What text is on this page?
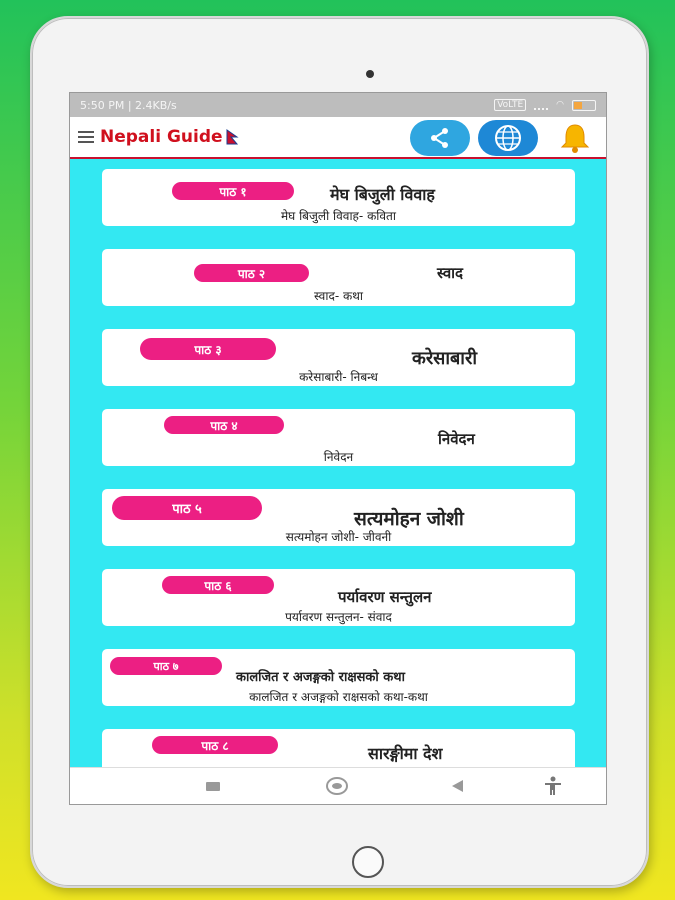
5:50 PM | 2.4KB/s	VoLTE	◠
Nepali Guide
पाठ १	मेघ बिजुली विवाह
मेघ बिजुली विवाह- कविता
पाठ २	स्वाद
स्वाद- कथा
पाठ ३	करेसाबारी
करेसाबारी- निबन्ध
पाठ ४
निवेदन
निवेदन
पाठ ५	सत्यमोहन जोशी
सत्यमोहन जोशी- जीवनी
पाठ ६
पर्यावरण सन्तुलन
पर्यावरण सन्तुलन- संवाद
पाठ ७
कालजित र अजङ्गको राक्षसको कथा
कालजित र अजङ्गको राक्षसको कथा-कथा
पाठ ८	सारङ्गीमा देश
